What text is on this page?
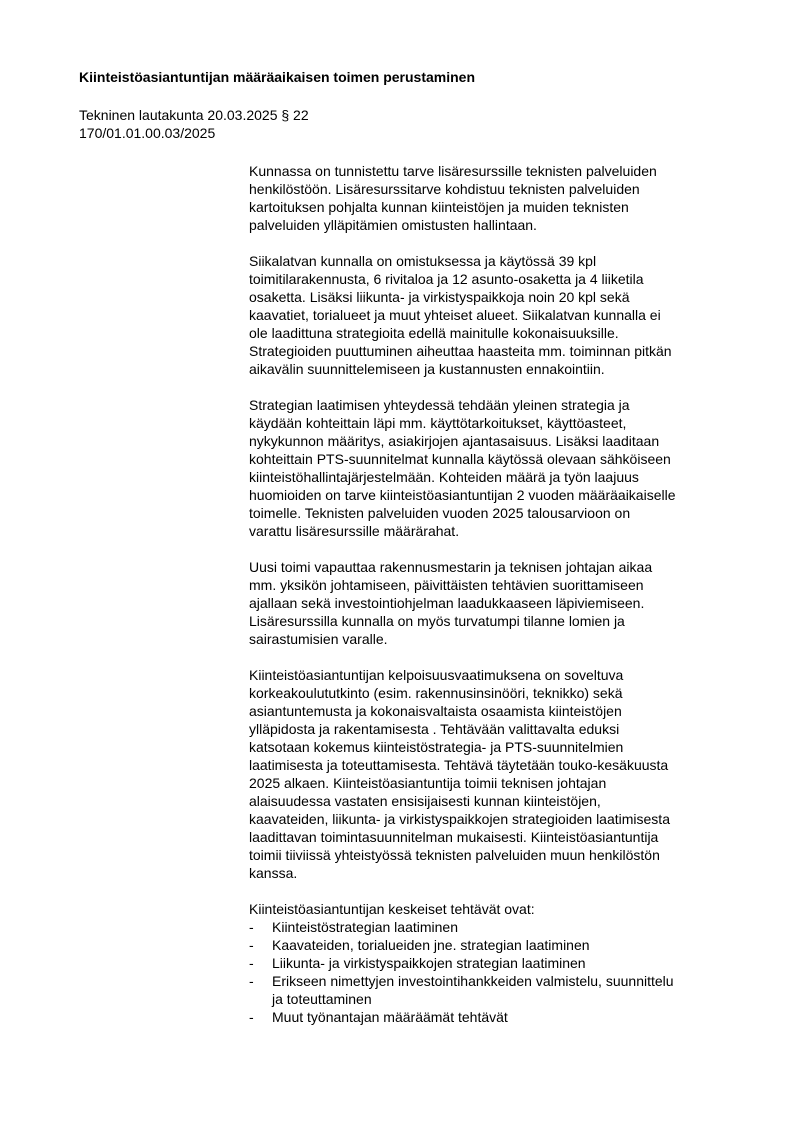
Kiinteistöasiantuntijan määräaikaisen toimen perustaminen
Tekninen lautakunta 20.03.2025 § 22
170/01.01.00.03/2025
Kunnassa on tunnistettu tarve lisäresurssille teknisten palveluiden
henkilöstöön. Lisäresurssitarve kohdistuu teknisten palveluiden
kartoituksen pohjalta kunnan kiinteistöjen ja muiden teknisten
palveluiden ylläpitämien omistusten hallintaan.
Siikalatvan kunnalla on omistuksessa ja käytössä 39 kpl
toimitilarakennusta, 6 rivitaloa ja 12 asunto-osaketta ja 4 liiketila
osaketta. Lisäksi liikunta- ja virkistyspaikkoja noin 20 kpl sekä
kaavatiet, torialueet ja muut yhteiset alueet. Siikalatvan kunnalla ei
ole laadittuna strategioita edellä mainitulle kokonaisuuksille.
Strategioiden puuttuminen aiheuttaa haasteita mm. toiminnan pitkän
aikavälin suunnittelemiseen ja kustannusten ennakointiin.
Strategian laatimisen yhteydessä tehdään yleinen strategia ja
käydään kohteittain läpi mm. käyttötarkoitukset, käyttöasteet,
nykykunnon määritys, asiakirjojen ajantasaisuus. Lisäksi laaditaan
kohteittain PTS-suunnitelmat kunnalla käytössä olevaan sähköiseen
kiinteistöhallintajärjestelmään. Kohteiden määrä ja työn laajuus
huomioiden on tarve kiinteistöasiantuntijan 2 vuoden määräaikaiselle
toimelle. Teknisten palveluiden vuoden 2025 talousarvioon on
varattu lisäresurssille määrärahat.
Uusi toimi vapauttaa rakennusmestarin ja teknisen johtajan aikaa
mm. yksikön johtamiseen, päivittäisten tehtävien suorittamiseen
ajallaan sekä investointiohjelman laadukkaaseen läpiviemiseen.
Lisäresurssilla kunnalla on myös turvatumpi tilanne lomien ja
sairastumisien varalle.
Kiinteistöasiantuntijan kelpoisuusvaatimuksena on soveltuva
korkeakoulututkinto (esim. rakennusinsinööri, teknikko) sekä
asiantuntemusta ja kokonaisvaltaista osaamista kiinteistöjen
ylläpidosta ja rakentamisesta . Tehtävään valittavalta eduksi
katsotaan kokemus kiinteistöstrategia- ja PTS-suunnitelmien
laatimisesta ja toteuttamisesta. Tehtävä täytetään touko-kesäkuusta
2025 alkaen. Kiinteistöasiantuntija toimii teknisen johtajan
alaisuudessa vastaten ensisijaisesti kunnan kiinteistöjen,
kaavateiden, liikunta- ja virkistyspaikkojen strategioiden laatimisesta
laadittavan toimintasuunnitelman mukaisesti. Kiinteistöasiantuntija
toimii tiiviissä yhteistyössä teknisten palveluiden muun henkilöstön
kanssa.
Kiinteistöasiantuntijan keskeiset tehtävät ovat:
- Kiinteistöstrategian laatiminen
- Kaavateiden, torialueiden jne. strategian laatiminen
- Liikunta- ja virkistyspaikkojen strategian laatiminen
- Erikseen nimettyjen investointihankkeiden valmistelu, suunnittelu
ja toteuttaminen
- Muut työnantajan määräämät tehtävät
